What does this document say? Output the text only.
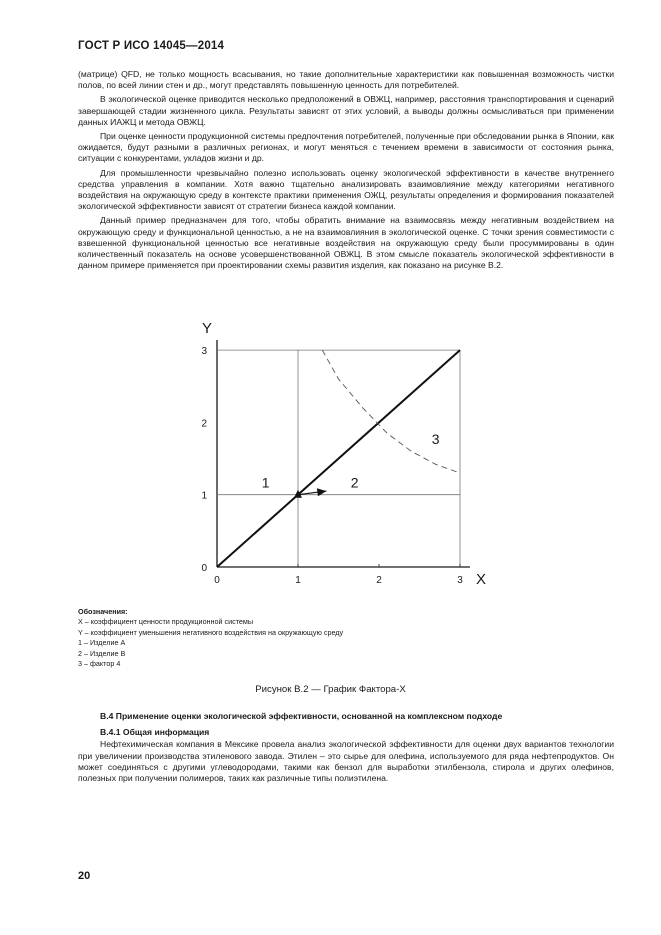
ГОСТ Р ИСО 14045—2014

(матрице) QFD, не только мощность всасывания, но такие дополнительные характеристики как повышенная возможность чистки полов, по всей линии стен и др., могут представлять повышенную ценность для потребителей.

В экологической оценке приводится несколько предположений в ОВЖЦ, например, расстояния транспортирования и сценарий завершающей стадии жизненного цикла. Результаты зависят от этих условий, а выводы должны осмысливаться при применении данных ИАЖЦ и метода ОВЖЦ.

При оценке ценности продукционной системы предпочтения потребителей, полученные при обследовании рынка в Японии, как ожидается, будут разными в различных регионах, и могут меняться с течением времени в зависимости от состояния рынка, ситуации с конкурентами, укладов жизни и др.

Для промышленности чрезвычайно полезно использовать оценку экологической эффективности в качестве внутреннего средства управления в компании. Хотя важно тщательно анализировать взаимовлияние между категориями негативного воздействия на окружающую среду в контексте практики применения ОЖЦ, результаты определения и формирования показателей экологической эффективности зависят от стратегии бизнеса каждой компании.

Данный пример предназначен для того, чтобы обратить внимание на взаимосвязь между негативным воздействием на окружающую среду и функциональной ценностью, а не на взаимовлияния в экологической оценке. С точки зрения совместимости с взвешенной функциональной ценностью все негативные воздействия на окружающую среду были просуммированы в один количественный показатель на основе усовершенствованной ОВЖЦ. В этом смысле показатель экологической эффективности в данном примере применяется при проектировании схемы развития изделия, как показано на рисунке В.2.

Y
X
0	1	2	3
0
1
2
3
1	2
3
Обозначения:
X – коэффициент ценности продукционной системы
Y – коэффициент уменьшения негативного воздействия на окружающую среду
1 – Изделие А
2 – Изделие В
3 – фактор 4
Рисунок В.2 — График Фактора-Х
В.4 Применение оценки экологической эффективности, основанной на комплексном подходе
В.4.1 Общая информация

Нефтехимическая компания в Мексике провела анализ экологической эффективности для оценки двух вариантов технологии при увеличении производства этиленового завода. Этилен – это сырье для олефина, используемого для ряда нефтепродуктов. Он может соединяться с другими углеводородами, такими как бензол для выработки этилбензола, стирола и других олефинов, полезных при получении полимеров, таких как различные типы полиэтилена.

20
